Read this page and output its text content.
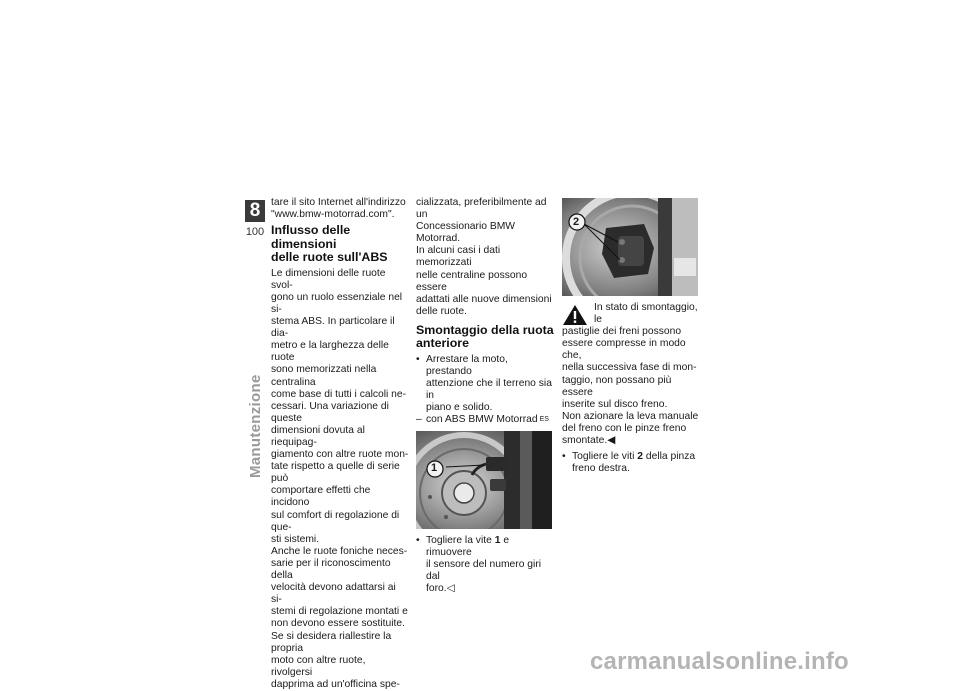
8
100
Manutenzione

tare il sito Internet all'indirizzo
"www.bmw-motorrad.com".

Influsso delle dimensioni
delle ruote sull'ABS

Le dimensioni delle ruote svol-
gono un ruolo essenziale nel si-
stema ABS. In particolare il dia-
metro e la larghezza delle ruote
sono memorizzati nella centralina
come base di tutti i calcoli ne-
cessari. Una variazione di queste
dimensioni dovuta al riequipag-
giamento con altre ruote mon-
tate rispetto a quelle di serie può
comportare effetti che incidono
sul comfort di regolazione di que-
sti sistemi.
Anche le ruote foniche neces-
sarie per il riconoscimento della
velocità devono adattarsi ai si-
stemi di regolazione montati e
non devono essere sostituite.
Se si desidera riallestire la propria
moto con altre ruote, rivolgersi
dapprima ad un'officina spe-

cializzata, preferibilmente ad un
Concessionario BMW Motorrad.
In alcuni casi i dati memorizzati
nelle centraline possono essere
adattati alle nuove dimensioni
delle ruote.

Smontaggio della ruota
anteriore
• Arrestare la moto, prestando
attenzione che il terreno sia in
piano e solido.
– con ABS BMW Motorrad $^{ES}$
1
• Togliere la vite 1 e rimuovere
il sensore del numero giri dal
foro.◁
2
In stato di smontaggio, le
pastiglie dei freni possono
essere compresse in modo che,
nella successiva fase di mon-
taggio, non possano più essere
inserite sul disco freno.
Non azionare la leva manuale
del freno con le pinze freno
smontate.◀
• Togliere le viti 2 della pinza
freno destra.
carmanualsonline.info
